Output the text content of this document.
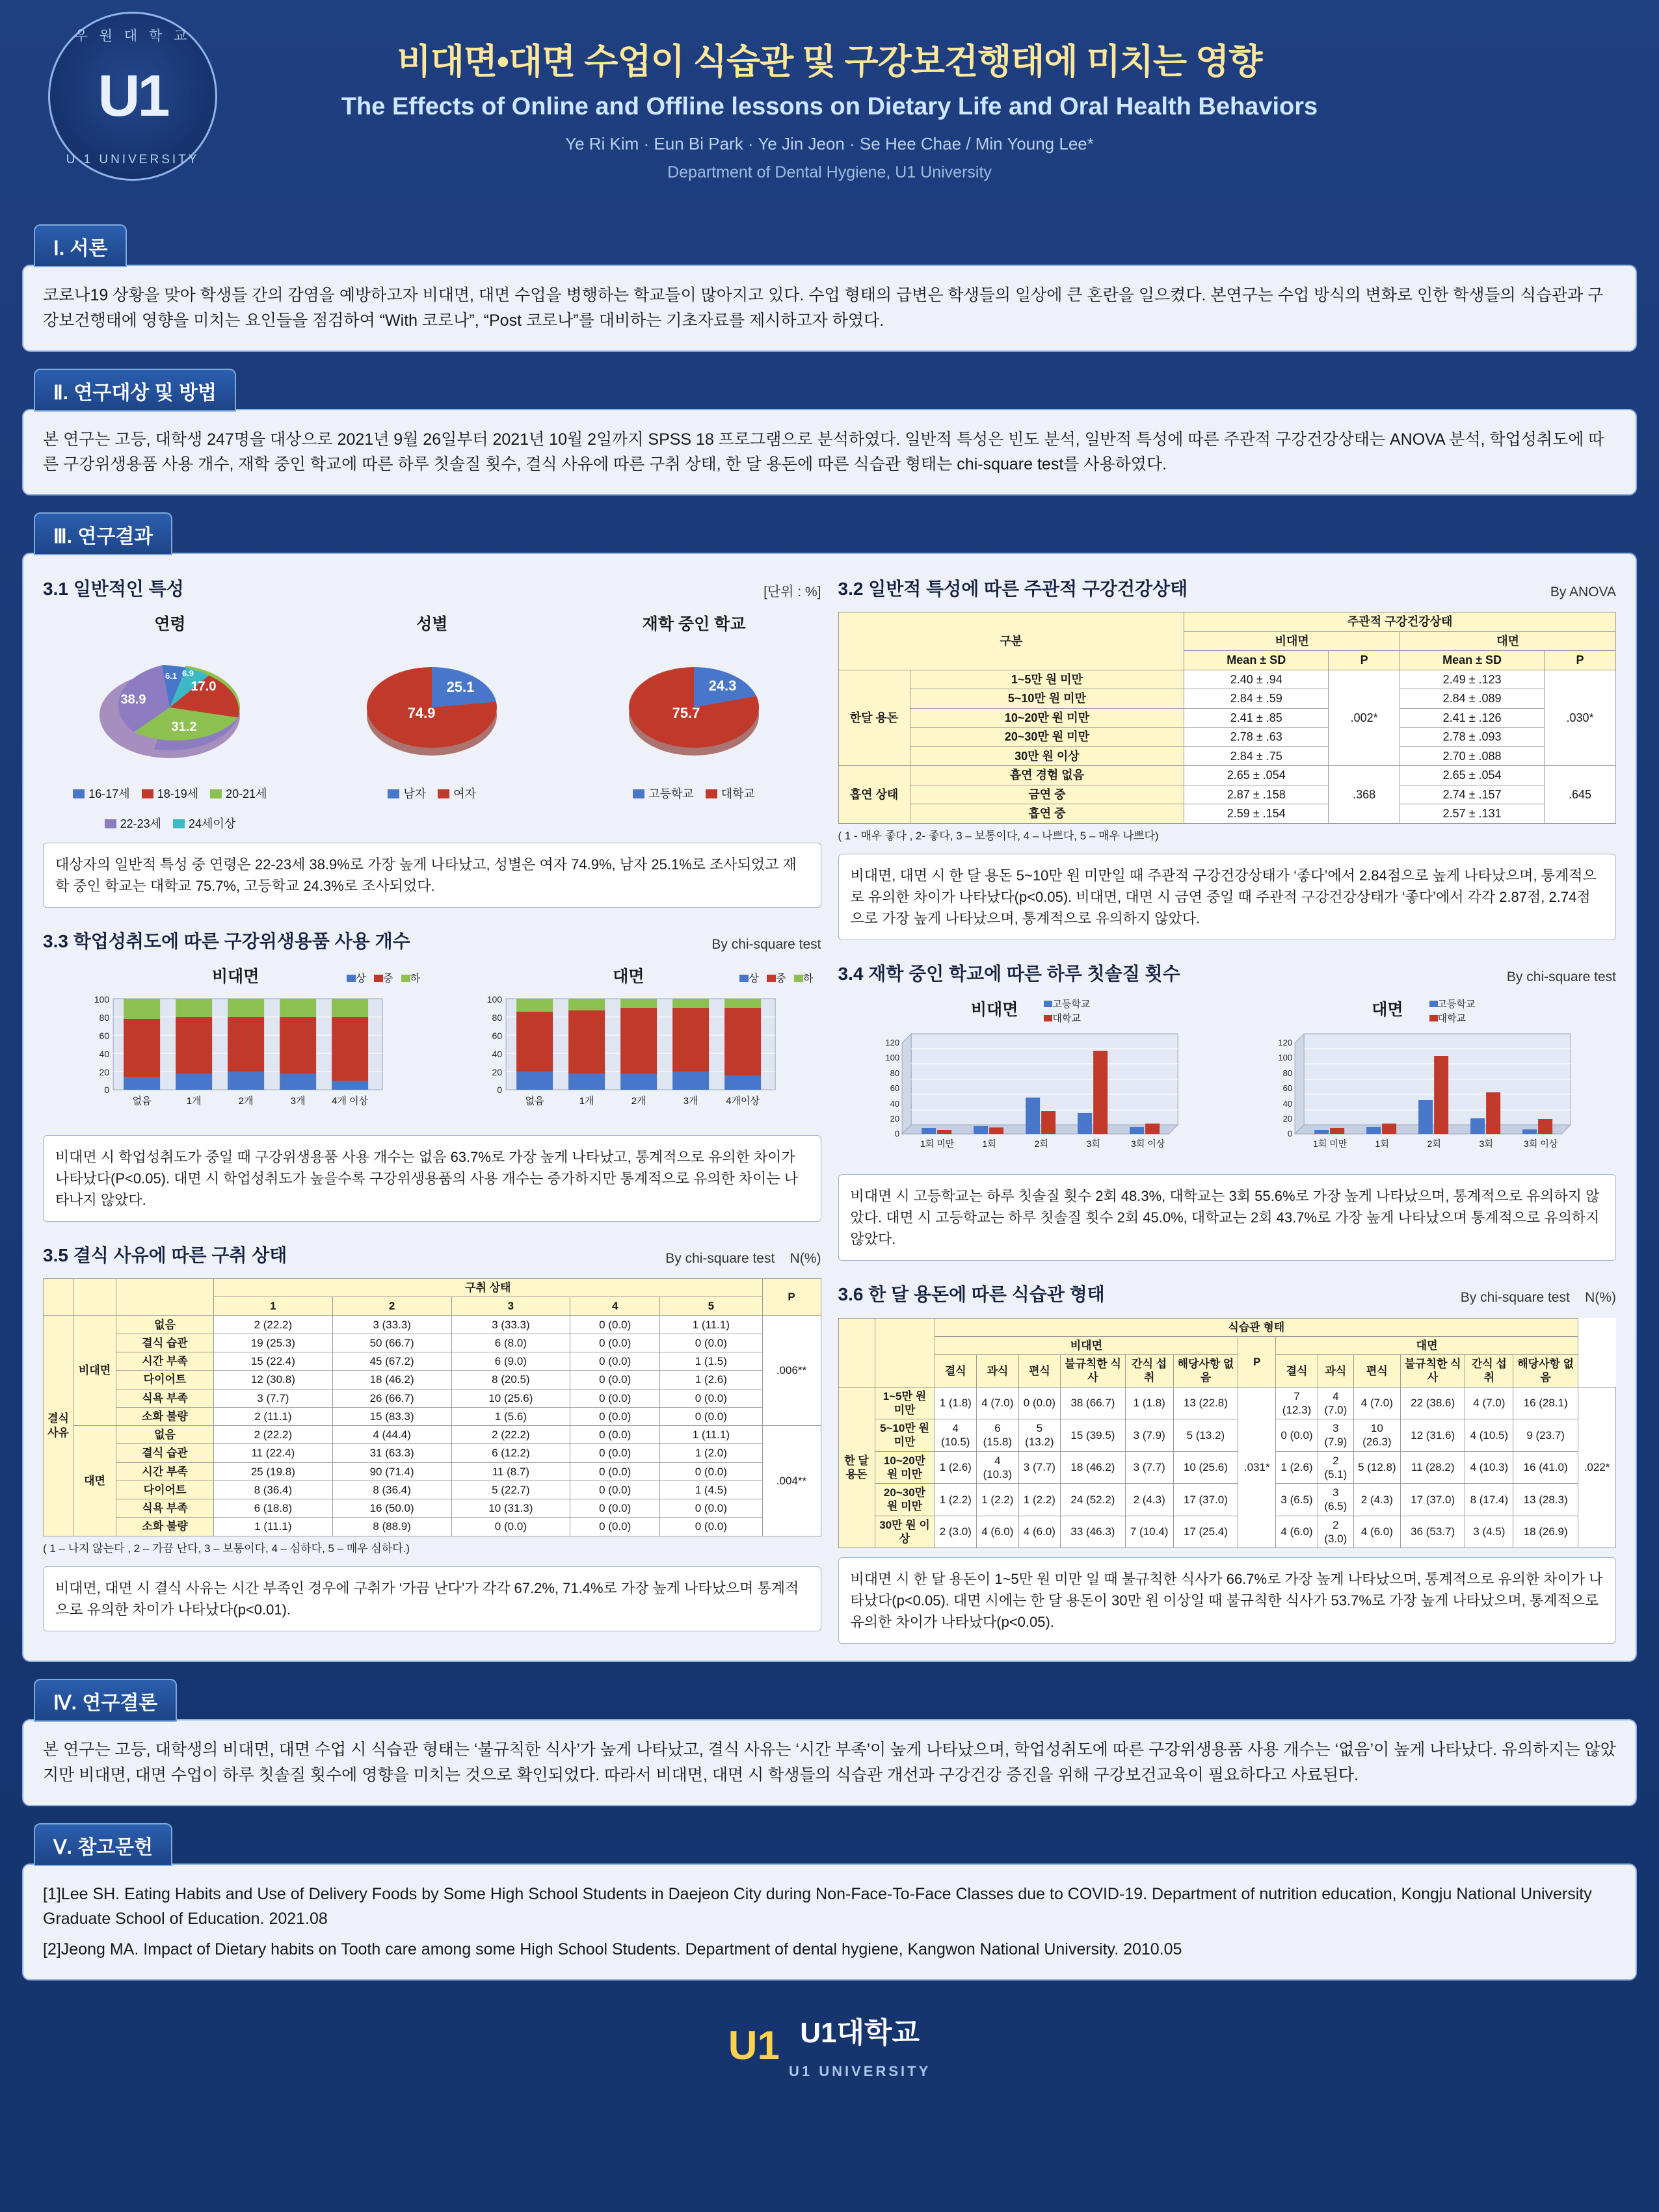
우 원 대 학 교
U1
U 1 UNIVERSITY
비대면•대면 수업이 식습관 및 구강보건행태에 미치는 영향
The Effects of Online and Offline lessons on Dietary Life and Oral Health Behaviors
Ye Ri Kim · Eun Bi Park · Ye Jin Jeon · Se Hee Chae / Min Young Lee*
Department of Dental Hygiene, U1 University
Ⅰ. 서론
코로나19 상황을 맞아 학생들 간의 감염을 예방하고자 비대면, 대면 수업을 병행하는 학교들이 많아지고 있다. 수업 형태의 급변은 학생들의 일상에 큰 혼란을 일으켰다. 본연구는 수업 방식의 변화로 인한 학생들의 식습관과 구강보건행태에 영향을 미치는 요인들을 점검하여 “With 코로나”, “Post 코로나”를 대비하는 기초자료를 제시하고자 하였다.
Ⅱ. 연구대상 및 방법
본 연구는 고등, 대학생 247명을 대상으로 2021년 9월 26일부터 2021년 10월 2일까지 SPSS 18 프로그램으로 분석하였다. 일반적 특성은 빈도 분석, 일반적 특성에 따른 주관적 구강건강상태는 ANOVA 분석, 학업성취도에 따른 구강위생용품 사용 개수, 재학 중인 학교에 따른 하루 칫솔질 횟수, 결식 사유에 따른 구취 상태, 한 달 용돈에 따른 식습관 형태는 chi-square test를 사용하였다.
Ⅲ. 연구결과
3.1 일반적인 특성	[단위 : %]
연령
31.2
38.9
17.0
6.1 6.9
16-17세	18-19세	20-21세
22-23세	24세이상
성별
25.1
74.9
남자	여자
재학 중인 학교
24.3
75.7
고등학교	대학교
대상자의 일반적 특성 중 연령은 22-23세 38.9%로 가장 높게 나타났고, 성별은 여자 74.9%, 남자 25.1%로 조사되었고 재학 중인 학교는 대학교 75.7%, 고등학교 24.3%로 조사되었다.
3.3 학업성취도에 따른 구강위생용품 사용 개수	By chi-square test
비대면	상 중 하
100
80
60
40
20
0
없음	1개	2개	3개	4개 이상
대면	상 중 하
100
80
60
40
20
0
없음	1개	2개	3개	4개이상
비대면 시 학업성취도가 중일 때 구강위생용품 사용 개수는 없음 63.7%로 가장 높게 나타났고, 통계적으로 유의한 차이가 나타났다(P<0.05). 대면 시 학업성취도가 높을수록 구강위생용품의 사용 개수는 증가하지만 통계적으로 유의한 차이는 나타나지 않았다.
3.5 결식 사유에 따른 구취 상태	By chi-square test N(%)
			구취 상태					P
			1	2	3	4	5	
결식
사유	비대면	없음	2 (22.2)	3 (33.3)	3 (33.3)	0 (0.0)	1 (11.1)	.006**
		결식 습관	19 (25.3)	50 (66.7)	6 (8.0)	0 (0.0)	0 (0.0)	
		시간 부족	15 (22.4)	45 (67.2)	6 (9.0)	0 (0.0)	1 (1.5)	
		다이어트	12 (30.8)	18 (46.2)	8 (20.5)	0 (0.0)	1 (2.6)	
		식욕 부족	3 (7.7)	26 (66.7)	10 (25.6)	0 (0.0)	0 (0.0)	
		소화 불량	2 (11.1)	15 (83.3)	1 (5.6)	0 (0.0)	0 (0.0)	
	대면	없음	2 (22.2)	4 (44.4)	2 (22.2)	0 (0.0)	1 (11.1)	.004**
		결식 습관	11 (22.4)	31 (63.3)	6 (12.2)	0 (0.0)	1 (2.0)	
		시간 부족	25 (19.8)	90 (71.4)	11 (8.7)	0 (0.0)	0 (0.0)	
		다이어트	8 (36.4)	8 (36.4)	5 (22.7)	0 (0.0)	1 (4.5)	
		식욕 부족	6 (18.8)	16 (50.0)	10 (31.3)	0 (0.0)	0 (0.0)	
		소화 불량	1 (11.1)	8 (88.9)	0 (0.0)	0 (0.0)	0 (0.0)	
( 1 – 나지 않는다 , 2 – 가끔 난다, 3 – 보통이다, 4 – 심하다, 5 – 매우 심하다.)
비대면, 대면 시 결식 사유는 시간 부족인 경우에 구취가 ‘가끔 난다’가 각각 67.2%, 71.4%로 가장 높게 나타났으며 통계적으로 유의한 차이가 나타났다(p<0.01).
3.2 일반적 특성에 따른 주관적 구강건강상태	By ANOVA
구분		주관적 구강건강상태			
		비대면		대면	
		Mean ± SD	P	Mean ± SD	P
한달 용돈	1~5만 원 미만	2.40 ± .94	.002*	2.49 ± .123	.030*
	5~10만 원 미만	2.84 ± .59		2.84 ± .089	
	10~20만 원 미만	2.41 ± .85		2.41 ± .126	
	20~30만 원 미만	2.78 ± .63		2.78 ± .093	
	30만 원 이상	2.84 ± .75		2.70 ± .088	
흡연 상태	흡연 경험 없음	2.65 ± .054	.368	2.65 ± .054	.645
	금연 중	2.87 ± .158		2.74 ± .157	
	흡연 중	2.59 ± .154		2.57 ± .131	
( 1 - 매우 좋다 , 2- 좋다, 3 – 보통이다, 4 – 나쁘다, 5 – 매우 나쁘다)
비대면, 대면 시 한 달 용돈 5~10만 원 미만일 때 주관적 구강건강상태가 ‘좋다’에서 2.84점으로 높게 나타났으며, 통계적으로 유의한 차이가 나타났다(p<0.05). 비대면, 대면 시 금연 중일 때 주관적 구강건강상태가 ‘좋다’에서 각각 2.87점, 2.74점으로 가장 높게 나타났으며, 통계적으로 유의하지 않았다.
3.4 재학 중인 학교에 따른 하루 칫솔질 횟수	By chi-square test
비대면	고등학교
대학교
120
100
80
60
40
20
0
1회 미만	1회	2회	3회	3회 이상
대면	고등학교
대학교
120
100
80
60
40
20
0
1회 미만	1회	2회	3회	3회 이상
비대면 시 고등학교는 하루 칫솔질 횟수 2회 48.3%, 대학교는 3회 55.6%로 가장 높게 나타났으며, 통계적으로 유의하지 않았다. 대면 시 고등학교는 하루 칫솔질 횟수 2회 45.0%, 대학교는 2회 43.7%로 가장 높게 나타났으며 통계적으로 유의하지 않았다.
3.6 한 달 용돈에 따른 식습관 형태	By chi-square test N(%)
		식습관 형태													
		비대면						P	대면						
		결식	과식	편식	불규칙한 식사	간식 섭취	해당사항 없음		결식	과식	편식	불규칙한 식사	간식 섭취	해당사항 없음	
한 달
용돈	1~5만 원 미만	1 (1.8)	4 (7.0)	0 (0.0)	38 (66.7)	1 (1.8)	13 (22.8)	.031*	7 (12.3)	4 (7.0)	4 (7.0)	22 (38.6)	4 (7.0)	16 (28.1)	.022*
	5~10만 원 미만	4 (10.5)	6 (15.8)	5 (13.2)	15 (39.5)	3 (7.9)	5 (13.2)		0 (0.0)	3 (7.9)	10 (26.3)	12 (31.6)	4 (10.5)	9 (23.7)	
	10~20만 원 미만	1 (2.6)	4 (10.3)	3 (7.7)	18 (46.2)	3 (7.7)	10 (25.6)		1 (2.6)	2 (5.1)	5 (12.8)	11 (28.2)	4 (10.3)	16 (41.0)	
	20~30만 원 미만	1 (2.2)	1 (2.2)	1 (2.2)	24 (52.2)	2 (4.3)	17 (37.0)		3 (6.5)	3 (6.5)	2 (4.3)	17 (37.0)	8 (17.4)	13 (28.3)	
	30만 원 이상	2 (3.0)	4 (6.0)	4 (6.0)	33 (46.3)	7 (10.4)	17 (25.4)		4 (6.0)	2 (3.0)	4 (6.0)	36 (53.7)	3 (4.5)	18 (26.9)	
비대면 시 한 달 용돈이 1~5만 원 미만 일 때 불규칙한 식사가 66.7%로 가장 높게 나타났으며, 통계적으로 유의한 차이가 나타났다(p<0.05). 대면 시에는 한 달 용돈이 30만 원 이상일 때 불규칙한 식사가 53.7%로 가장 높게 나타났으며, 통계적으로 유의한 차이가 나타났다(p<0.05).
Ⅳ. 연구결론
본 연구는 고등, 대학생의 비대면, 대면 수업 시 식습관 형태는 ‘불규칙한 식사’가 높게 나타났고, 결식 사유는 ‘시간 부족’이 높게 나타났으며, 학업성취도에 따른 구강위생용품 사용 개수는 ‘없음’이 높게 나타났다. 유의하지는 않았지만 비대면, 대면 수업이 하루 칫솔질 횟수에 영향을 미치는 것으로 확인되었다. 따라서 비대면, 대면 시 학생들의 식습관 개선과 구강건강 증진을 위해 구강보건교육이 필요하다고 사료된다.
Ⅴ. 참고문헌
[1]Lee SH. Eating Habits and Use of Delivery Foods by Some High School Students in Daejeon City during Non-Face-To-Face Classes due to COVID-19. Department of nutrition education, Kongju National University Graduate School of Education. 2021.08
[2]Jeong MA. Impact of Dietary habits on Tooth care among some High School Students. Department of dental hygiene, Kangwon National University. 2010.05
U1 U1대학교
U1 UNIVERSITY
